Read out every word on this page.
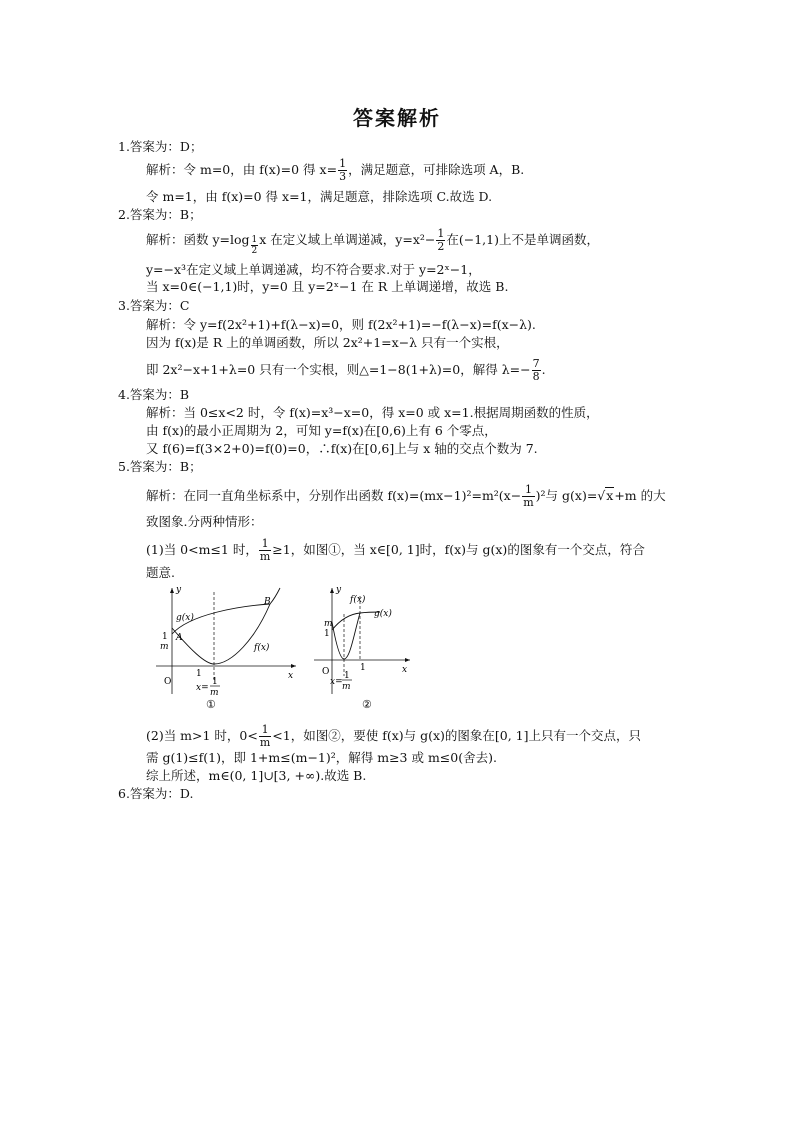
答案解析
1.答案为：D；
解析：令 m=0，由 f(x)=0 得 $x= \frac{1}{3}$ ，满足题意，可排除选项 A，B.
令 m=1，由 f(x)=0 得 x=1，满足题意，排除选项 C.故选 D.
2.答案为：B；
解析：函数 $y=\log \frac{1}{2}$ x 在定义域上单调递减，$y=x^2- \frac{1}{2}$ 在(−1,1)上不是单调函数，
y=−x³在定义域上单调递减，均不符合要求.对于 y=2ˣ−1，
当 x=0∈(−1,1)时，y=0 且 y=2ˣ−1 在 R 上单调递增，故选 B.
3.答案为：C
解析：令 y=f(2x²+1)+f(λ−x)=0，则 f(2x²+1)=−f(λ−x)=f(x−λ).
因为 f(x)是 R 上的单调函数，所以 2x²+1=x−λ 只有一个实根，
即 2x²−x+1+λ=0 只有一个实根，则△=1−8(1+λ)=0，解得 $\lambda=- \frac{7}{8}$ .
4.答案为：B
解析：当 0≤x<2 时，令 f(x)=x³−x=0，得 x=0 或 x=1.根据周期函数的性质，
由 f(x)的最小正周期为 2，可知 y=f(x)在[0,6)上有 6 个零点，
又 f(6)=f(3×2+0)=f(0)=0，∴f(x)在[0,6]上与 x 轴的交点个数为 7.
5.答案为：B；
解析：在同一直角坐标系中，分别作出函数 $f(x)=(mx-1)^2=m^2(x- \frac{1}{m} )^2$与 g(x)=√x+m 的大
致图象.分两种情形：
(1)当 0<m≤1 时， $\frac{1}{m} \ge 1$，如图①，当 x∈[0, 1]时，f(x)与 g(x)的图象有一个交点，符合
题意.
O
y
x
g(x)
f(x)
A
B
1
m
1
x=
1
m
①
O
y
x
f(x)
g(x)
m
1
1
x=
1
m
②
(2)当 m>1 时，$0< \frac{1}{m} <1$，如图②，要使 f(x)与 g(x)的图象在[0, 1]上只有一个交点，只
需 g(1)≤f(1)，即 1+m≤(m−1)²，解得 m≥3 或 m≤0(舍去).
综上所述，m∈(0, 1]∪[3, +∞).故选 B.
6.答案为：D.
